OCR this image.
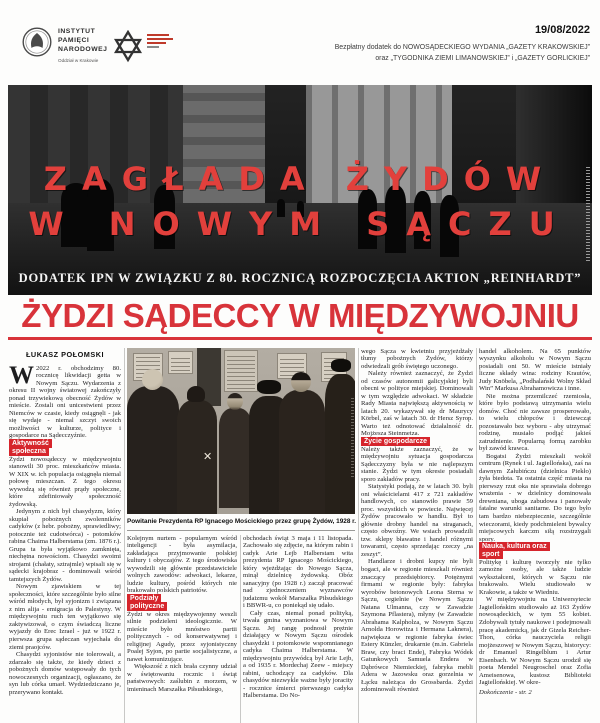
INSTYTUT
PAMIĘCI
NARODOWEJ
Oddział w Krakowie
19/08/2022
Bezpłatny dodatek do NOWOSĄDECKIEGO WYDANIA „GAZETY KRAKOWSKIEJ”
oraz „TYGODNIKA ZIEMI LIMANOWSKIEJ” i „GAZETY GORLICKIEJ”
ZAGŁADA ŻYDÓW
W NOWYM SĄCZU
DODATEK IPN W ZWIĄZKU Z 80. ROCZNICĄ ROZPOCZĘCIA AKTION „REINHARDT”
ŻYDZI SĄDECCY W MIĘDZYWOJNIU
ŁUKASZ POŁOMSKI

W2022 r. obchodzimy 80. rocznicę likwidacji getta w Nowym Sączu. Wydarzenia z okresu II wojny światowej zakończyły ponad trzywiekową obecność Żydów w mieście. Zostali oni unicestwieni przez Niemców w czasie, kiedy osiągnęli - jak się wydaje - niemal szczyt swoich możliwości w kulturze, polityce i gospodarce na Sądecczyźnie.

Aktywność społeczna

Żydzi nowosądeccy w międzywojniu stanowili 30 proc. mieszkańców miasta. W XIX w. ich populacja osiągnęła niemal połowę mieszczan. Z tego okresu wywodzą się również prądy społeczne, które zdefiniowały społeczność żydowską.

Jedynym z nich był chasydyzm, który skupiał pobożnych zwolenników cadyków (z hebr. pobożny, sprawiedliwy; potocznie też cudotwórca) - potomków rabina Chaima Halberstama (zm. 1876 r.). Grupa ta była wyjątkowo zamknięta, niechętna nowościom. Chasydzi swoimi strojami (chałaty, sztrajmle) wpisali się w sądecki krajobraz - dominowali wśród tamtejszych Żydów.

Nowym zjawiskiem w tej społeczności, które szczególnie było silne wśród młodych, był syjonizm i związana z nim alija - emigracja do Palestyny. W międzywojniu ruch ten wyjątkowo się zaktywizował, o czym świadczą liczne wyjazdy do Erec Izrael - już w 1922 r. pierwsza grupa sądeczan wyjechała do ziemi praojców.

Chasydzi syjonistów nie tolerowali, a zdarzało się także, że kiedy dzieci z pobożnych domów wstępowały do tych nowoczesnych organizacji, ogłaszano, że syn lub córka umarł. Wydziedziczano je, przerywano kontakt.

✕
Powitanie Prezydenta RP Ignacego Mościckiego przez grupę Żydów, 1928 r.

Kolejnym nurtem - popularnym wśród inteligencji - była asymilacja, zakładająca przyjmowanie polskiej kultury i obyczajów. Z tego środowiska wywodzili się głównie przedstawiciele wolnych zawodów: adwokaci, lekarze, ludzie kultury, pośród których nie brakowało polskich patriotów.

Podziały polityczne

Żydzi w okres międzywojenny weszli silnie podzieleni ideologicznie. W mieście było mnóstwo partii politycznych - od konserwatywnej i religijnej Agudy, przez syjonistyczny Poalej Syjon, po partie socjalistyczne, a nawet komunizujące.

Większość z nich brała czynny udział w świętowaniu rocznic i świąt państwowych: zaślubin z morzem, w imieninach Marszałka Piłsudskiego,

obchodach świąt 3 maja i 11 listopada. Zachowało się zdjęcie, na którym rabin i cadyk Arie Lejb Halberstam wita prezydenta RP Ignacego Mościckiego, który wjeżdżając do Nowego Sącza, minął dzielnicę żydowską. Obóz sanacyjny (po 1928 r.) zaczął pracować nad zjednoczeniem wyznawców judaizmu wokół Marszałka Piłsudskiego i BBWR-u, co poniekąd się udało.

Cały czas, niemal ponad polityką, trwała gmina wyznaniowa w Nowym Sączu. Jej rangę podnosił prężnie działający w Nowym Sączu ośrodek chasydzki i potomkowie wspomnianego cadyka Chaima Halberstama. W międzywojniu przywódcą był Arie Lejb, a od 1935 r. Mordechaj Zeew - miejscy rabini, uchodzący za cadyków. Dla chasydów niezwykle ważne były joracity - rocznice śmierci pierwszego cadyka Halberstama. Do No-

wego Sącza w kwietniu przyjeżdżały tłumy pobożnych Żydów, którzy odwiedzali grób świętego uczonego.

Należy również zaznaczyć, że Żydzi od czasów autonomii galicyjskiej byli obecni w polityce miejskiej. Dominowali w tym względzie adwokaci. W składzie Rady Miasta największą aktywnością w latach 20. wykazywał się dr Maurycy Körbel, zaś w latach 30. dr Hersz Syrop. Warto też odnotować działalność dr. Mojżesza Steinmetza.

Życie gospodarcze

Należy także zaznaczyć, że w międzywojniu sytuacja gospodarcza Sądecczyzny była w nie najlepszym stanie. Żydzi w tym okresie posiadali sporo zakładów pracy.

Statystyki podają, że w latach 30. byli oni właścicielami 417 z 721 zakładów handlowych, co stanowiło prawie 59 proc. wszystkich w powiecie. Najwięcej Żydów pracowało w handlu. Był to głównie drobny handel na straganach, często obwoźny. We wsiach prowadzili tzw. sklepy bławatne i handel różnymi towarami, często sprzedając rzeczy „na zeszyt”.

Handlarze i drobni kupcy nie byli bogaci, ale w regionie mieszkali również znaczący przedsiębiorcy. Potężnymi firmami w regionie były: fabryka wyrobów betonowych Leona Sterna w Sączu, cegielnie (w Nowym Sączu Natana Ulmanna, czy w Zawadzie Szymona Pflastera), młyny (w Zawadzie Abrahama Kalpholza, w Nowym Sączu Arnolda Horowitza i Hermana Laknera), największa w regionie fabryka świec Estery Künzler, drukarnie (m.in. Gabriela Braw, czy braci Ende), Fabryka Wódek Gatunkowych Samuela Endera w Dąbrówce Niemieckiej, fabryka mebli Adera w Jazowsku oraz gorzelnia w Łącku należąca do Grossbarda. Żydzi zdominowali również

handel alkoholem. Na 65 punktów wyszynku alkoholu w Nowym Sączu posiadali oni 50. W mieście istniały liczne składy wina: rodziny Krautów, Judy Knöbela, „Podhalański Wolny Skład Win” Markusa Abrahamowicza i inne.

Nie można przemilczeć rzemiosła, które było podstawą utrzymania wielu domów. Choć nie zawsze prosperowało, to wielu chłopców i dziewcząt pozostawało bez wyboru - aby utrzymać rodzinę, musiało podjąć jakieś zatrudnienie. Popularną formą zarobku był zawód krawca.

Bogatsi Żydzi mieszkali wokół centrum (Rynek i ul. Jagiellońska), zaś na dawnym Załubińczu (dzielnica Piekło) żyła biedota. Ta ostatnia część miasta na pierwszy rzut oka nie sprawiała dobrego wrażenia - w dzielnicy dominowała drewniana, uboga zabudowa i panowały fatalne warunki sanitarne. Do tego było tam bardzo niebezpiecznie, szczególnie wieczorami, kiedy podchmieleni bywalcy miejscowych karczm siłą rozstrzygali spory.

Nauka, kultura oraz sport

Politykę i kulturę tworzyły nie tylko zamożne osoby, ale także ludzie wykształceni, których w Sączu nie brakowało. Wielu studiowało w Krakowie, a także w Wiedniu.

W międzywojniu na Uniwersytecie Jagiellońskim studiowało aż 163 Żydów nowosądeckich, w tym 55 kobiet. Zdobywali tytuły naukowe i podejmowali pracę akademicką, jak dr Gizela Reicher-Thon, córka nauczyciela religii mojżeszowej w Nowym Sączu, historycy: dr Emanuel Ringelblum i Artur Eisenbach. W Nowym Sączu urodził się poeta Mendel Neugroschel oraz Zofia Ameisenowa, kustosz Biblioteki Jagiellońskiej. W okre-

Dokończenie - str. 2
